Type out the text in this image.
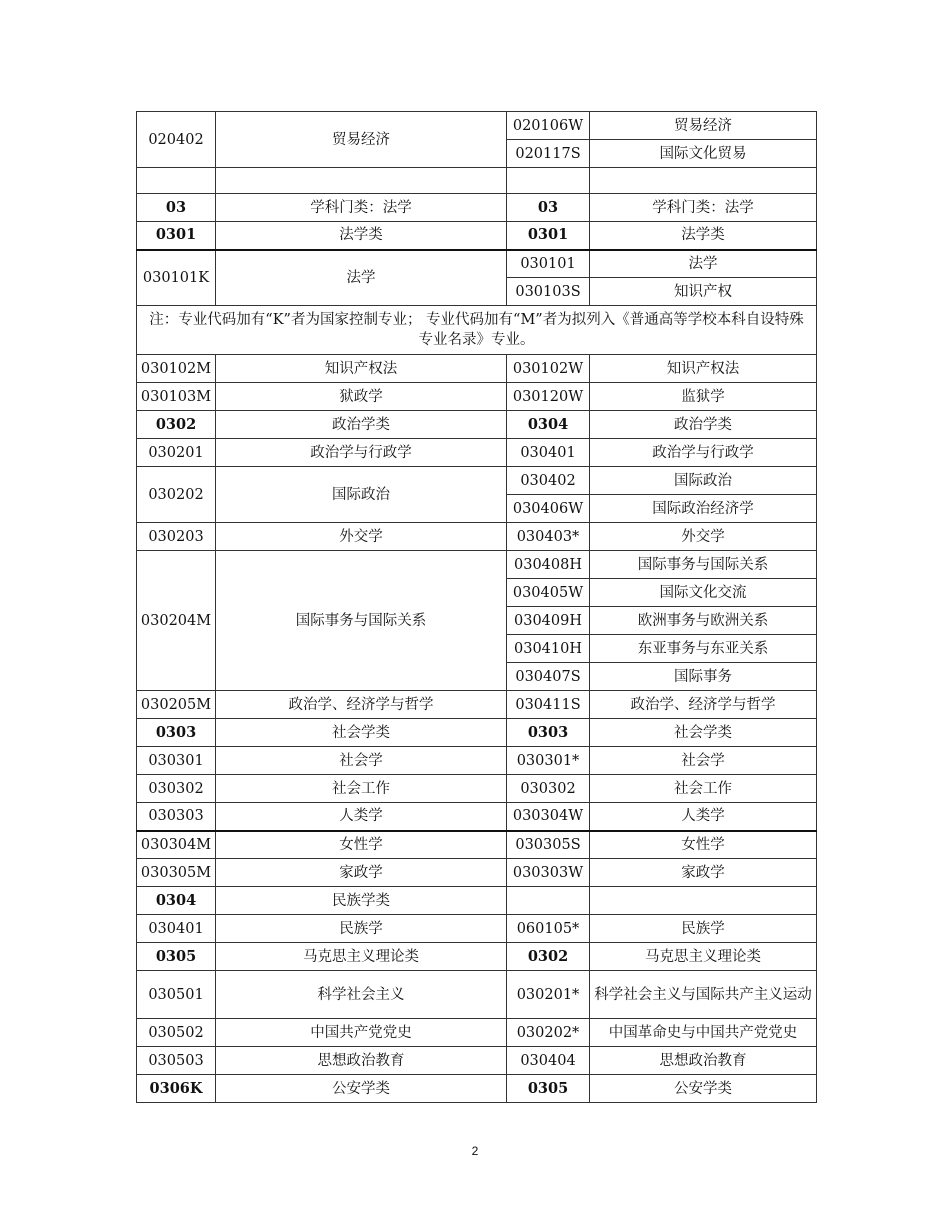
020402	贸易经济	020106W	贸易经济
		020117S	国际文化贸易

03	学科门类：法学	03	学科门类：法学
0301	法学类	0301	法学类
030101K	法学	030101	法学
		030103S	知识产权
注：专业代码加有“K”者为国家控制专业； 专业代码加有“M”者为拟列入《普通高等学校本科自设特殊专业名录》专业。			
030102M	知识产权法	030102W	知识产权法
030103M	狱政学	030120W	监狱学
0302	政治学类	0304	政治学类
030201	政治学与行政学	030401	政治学与行政学
030202	国际政治	030402	国际政治
		030406W	国际政治经济学
030203	外交学	030403*	外交学
030204M	国际事务与国际关系	030408H	国际事务与国际关系
		030405W	国际文化交流
		030409H	欧洲事务与欧洲关系
		030410H	东亚事务与东亚关系
		030407S	国际事务
030205M	政治学、经济学与哲学	030411S	政治学、经济学与哲学
0303	社会学类	0303	社会学类
030301	社会学	030301*	社会学
030302	社会工作	030302	社会工作
030303	人类学	030304W	人类学
030304M	女性学	030305S	女性学
030305M	家政学	030303W	家政学
0304	民族学类		
030401	民族学	060105*	民族学
0305	马克思主义理论类	0302	马克思主义理论类
030501	科学社会主义	030201*	科学社会主义与国际共产主义运动
030502	中国共产党党史	030202*	中国革命史与中国共产党党史
030503	思想政治教育	030404	思想政治教育
0306K	公安学类	0305	公安学类
2
